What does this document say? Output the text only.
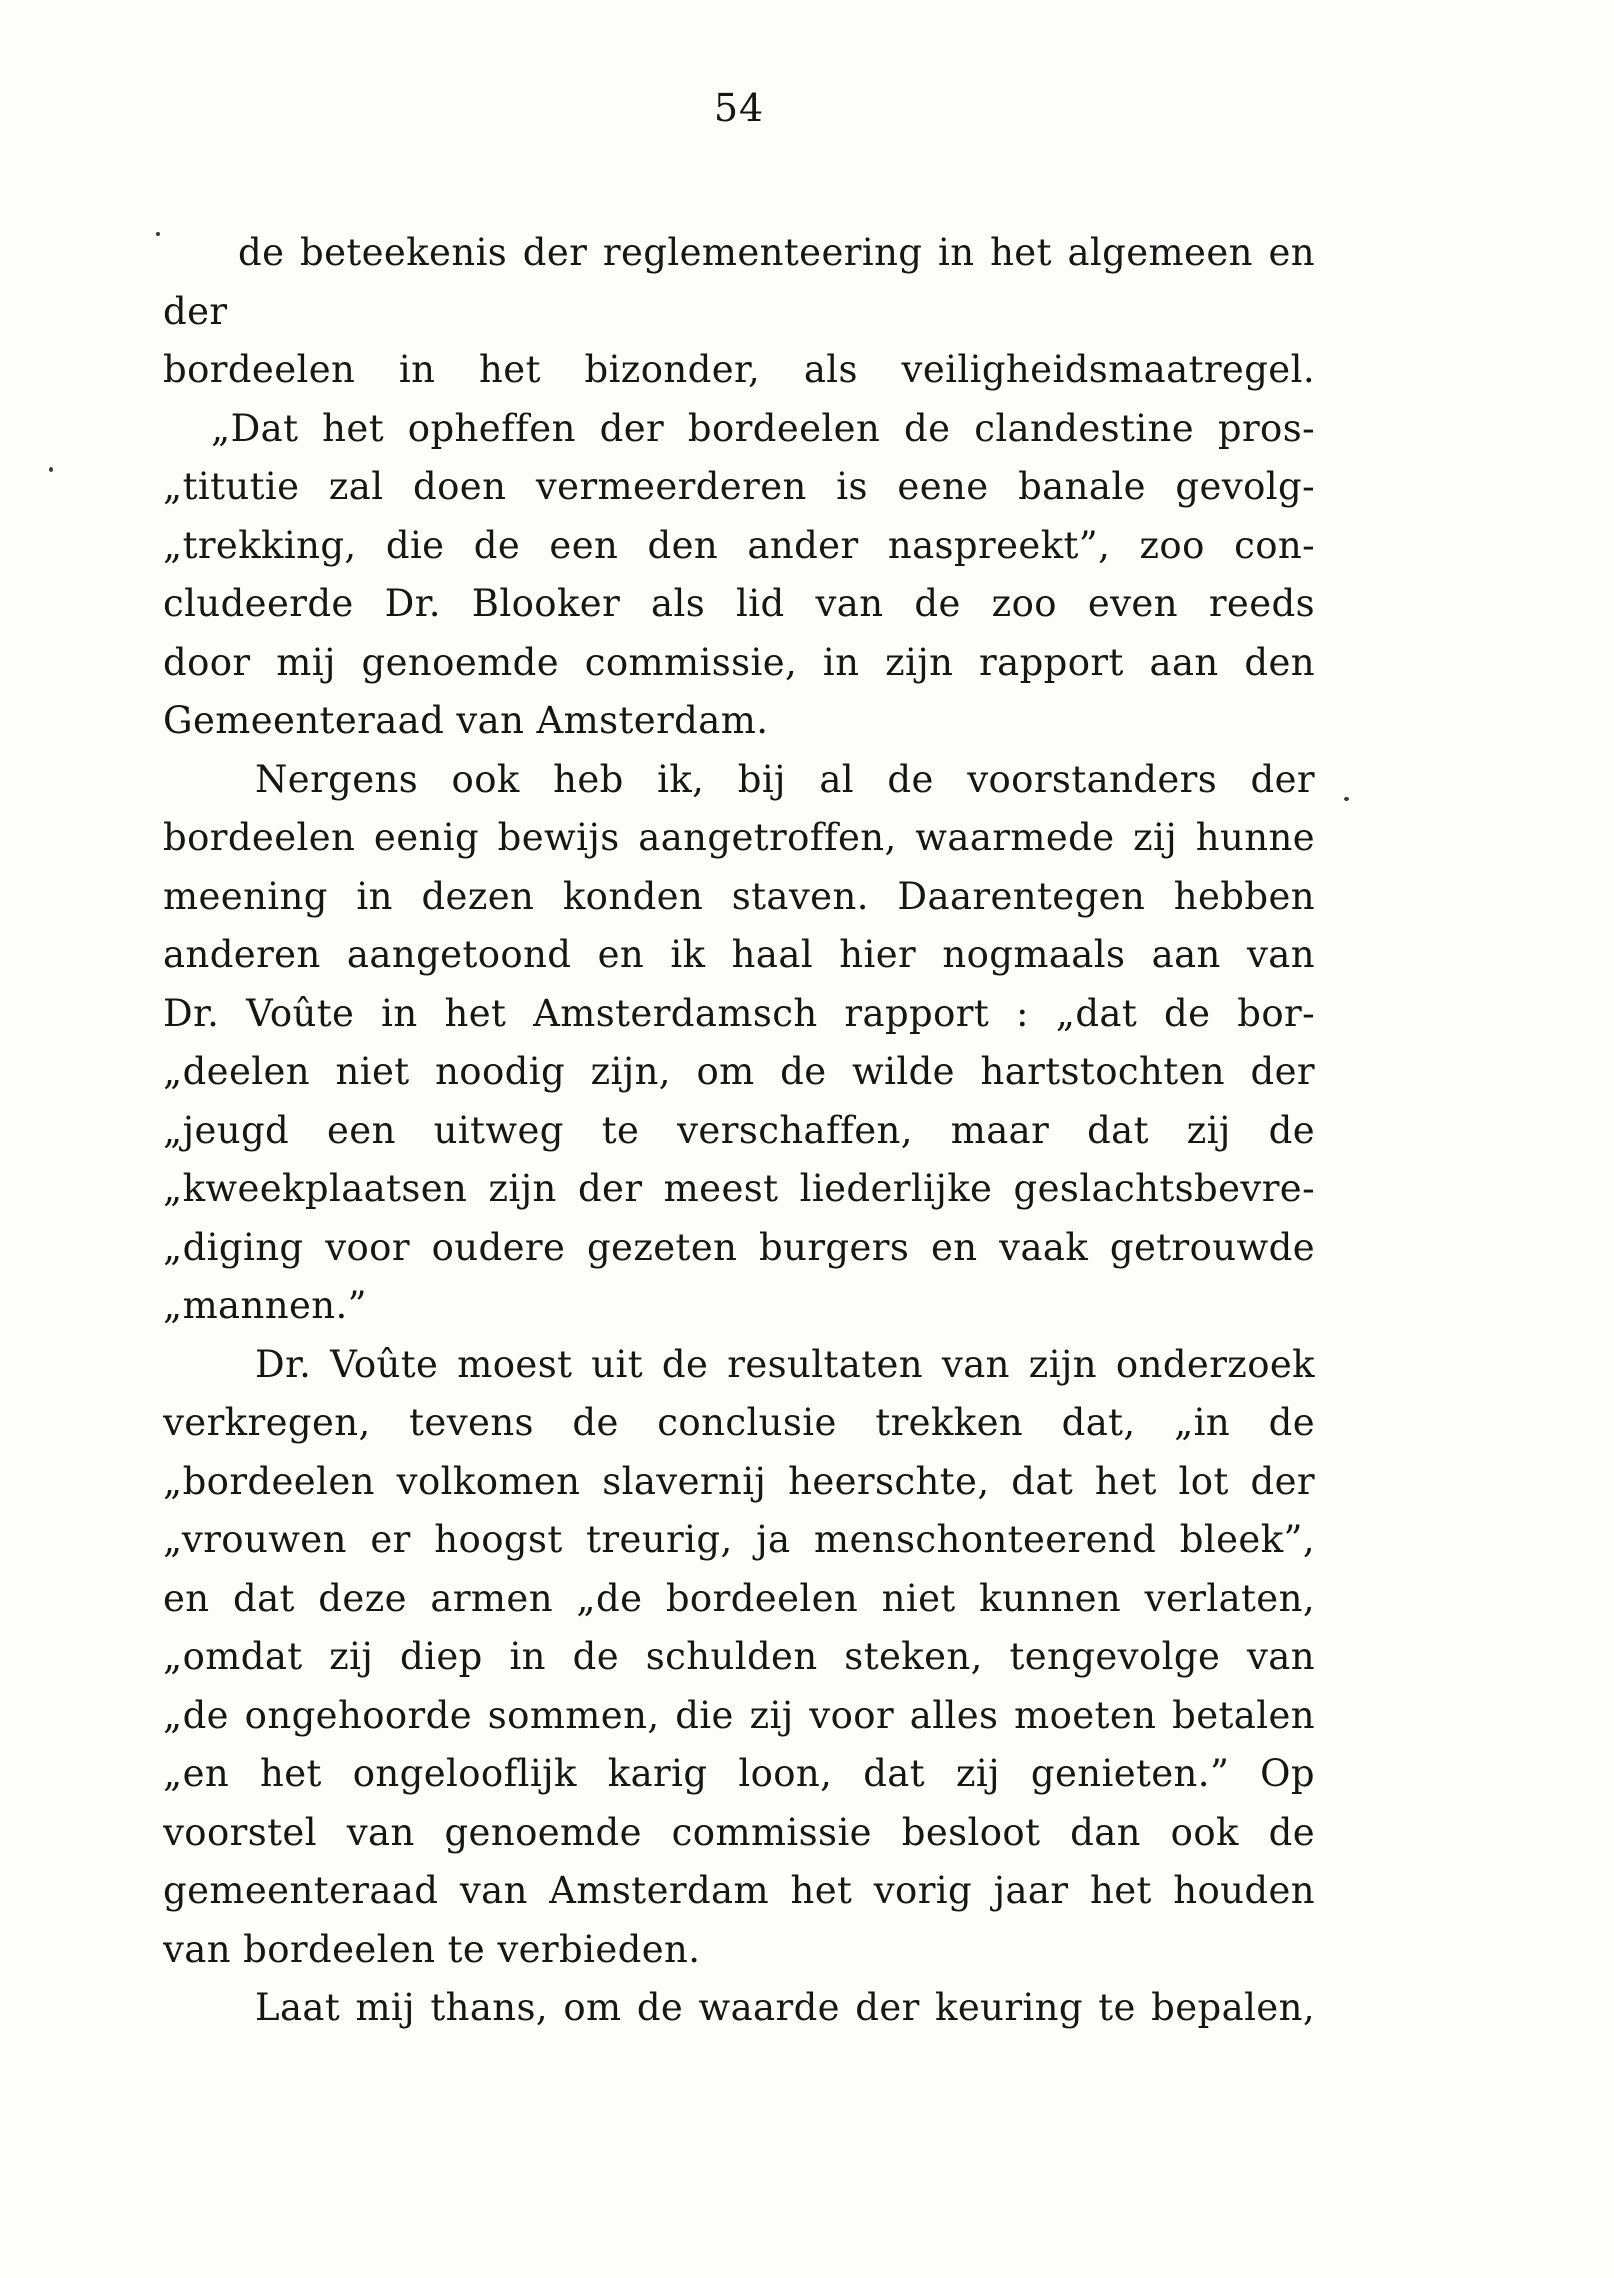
54
de beteekenis der reglementeering in het algemeen en der
bordeelen in het bizonder, als veiligheidsmaatregel.
„Dat het opheffen der bordeelen de clandestine pros-
„titutie zal doen vermeerderen is eene banale gevolg-
„trekking, die de een den ander naspreekt”, zoo con-
cludeerde Dr. Blooker als lid van de zoo even reeds
door mij genoemde commissie, in zijn rapport aan den
Gemeenteraad van Amsterdam.
Nergens ook heb ik, bij al de voorstanders der
bordeelen eenig bewijs aangetroffen, waarmede zij hunne
meening in dezen konden staven. Daarentegen hebben
anderen aangetoond en ik haal hier nogmaals aan van
Dr. Voûte in het Amsterdamsch rapport : „dat de bor-
„deelen niet noodig zijn, om de wilde hartstochten der
„jeugd een uitweg te verschaffen, maar dat zij de
„kweekplaatsen zijn der meest liederlijke geslachtsbevre-
„diging voor oudere gezeten burgers en vaak getrouwde
„mannen.”
Dr. Voûte moest uit de resultaten van zijn onderzoek
verkregen, tevens de conclusie trekken dat, „in de
„bordeelen volkomen slavernij heerschte, dat het lot der
„vrouwen er hoogst treurig, ja menschonteerend bleek”,
en dat deze armen „de bordeelen niet kunnen verlaten,
„omdat zij diep in de schulden steken, tengevolge van
„de ongehoorde sommen, die zij voor alles moeten betalen
„en het ongelooflijk karig loon, dat zij genieten.” Op
voorstel van genoemde commissie besloot dan ook de
gemeenteraad van Amsterdam het vorig jaar het houden
van bordeelen te verbieden.
Laat mij thans, om de waarde der keuring te bepalen,
